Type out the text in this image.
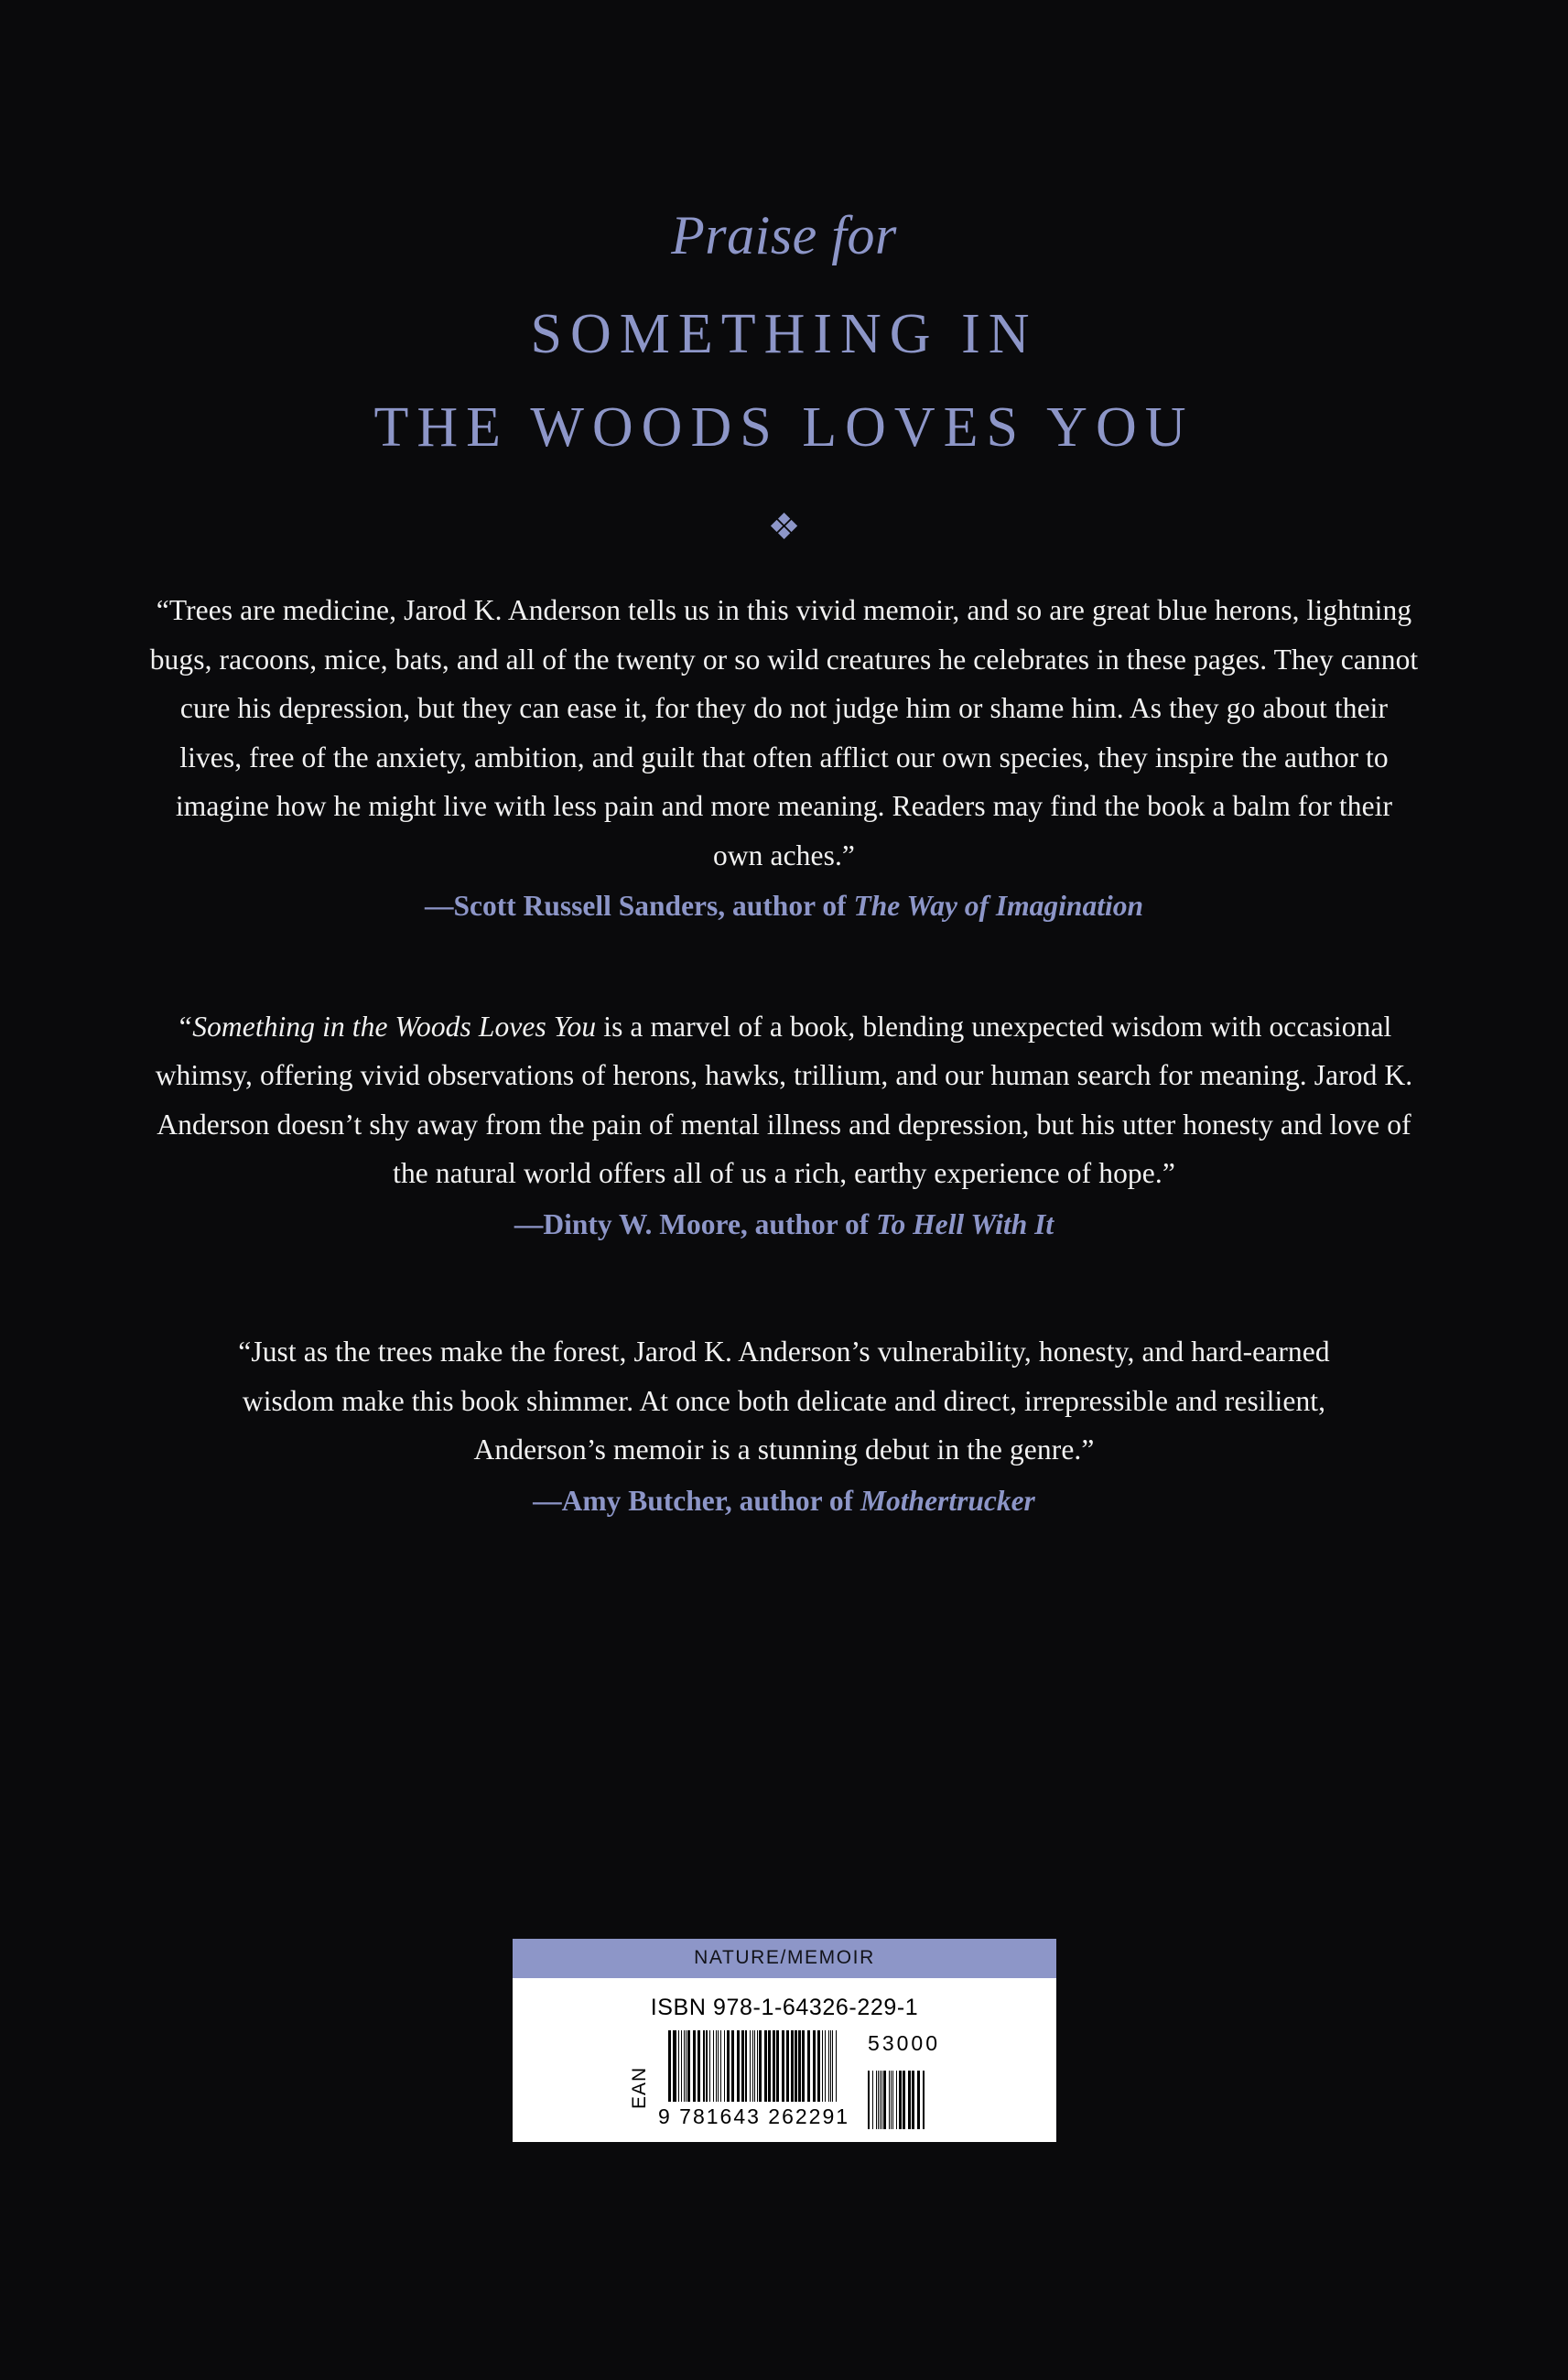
Praise for
SOMETHING IN
THE WOODS LOVES YOU
❖
“Trees are medicine, Jarod K. Anderson tells us in this vivid memoir, and so are great blue herons, lightning bugs, racoons, mice, bats, and all of the twenty or so wild creatures he celebrates in these pages. They cannot cure his depression, but they can ease it, for they do not judge him or shame him. As they go about their lives, free of the anxiety, ambition, and guilt that often afflict our own species, they inspire the author to imagine how he might live with less pain and more meaning. Readers may find the book a balm for their own aches.”
—Scott Russell Sanders, author of The Way of Imagination
“Something in the Woods Loves You is a marvel of a book, blending unexpected wisdom with occasional whimsy, offering vivid observations of herons, hawks, trillium, and our human search for meaning. Jarod K. Anderson doesn’t shy away from the pain of mental illness and depression, but his utter honesty and love of the natural world offers all of us a rich, earthy experience of hope.”
—Dinty W. Moore, author of To Hell With It
“Just as the trees make the forest, Jarod K. Anderson’s vulnerability, honesty, and hard-earned wisdom make this book shimmer. At once both delicate and direct, irrepressible and resilient, Anderson’s memoir is a stunning debut in the genre.”
—Amy Butcher, author of Mothertrucker
NATURE/MEMOIR
ISBN 978-1-64326-229-1
EAN
9 781643 262291
53000
